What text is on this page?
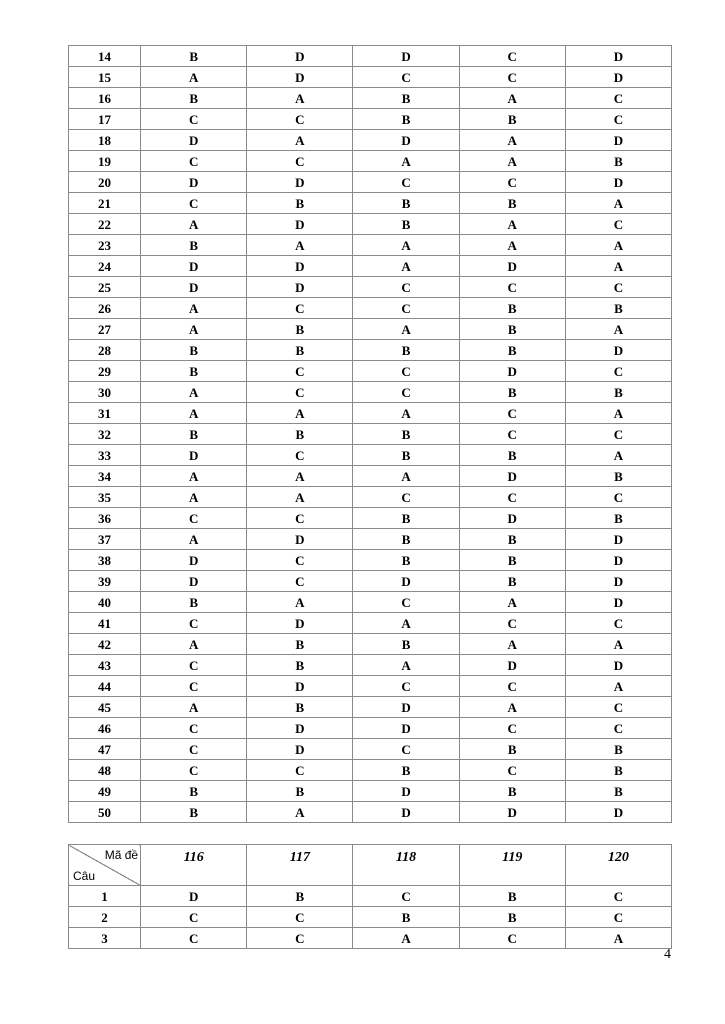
14	B	D	D	C	D
15	A	D	C	C	D
16	B	A	B	A	C
17	C	C	B	B	C
18	D	A	D	A	D
19	C	C	A	A	B
20	D	D	C	C	D
21	C	B	B	B	A
22	A	D	B	A	C
23	B	A	A	A	A
24	D	D	A	D	A
25	D	D	C	C	C
26	A	C	C	B	B
27	A	B	A	B	A
28	B	B	B	B	D
29	B	C	C	D	C
30	A	C	C	B	B
31	A	A	A	C	A
32	B	B	B	C	C
33	D	C	B	B	A
34	A	A	A	D	B
35	A	A	C	C	C
36	C	C	B	D	B
37	A	D	B	B	D
38	D	C	B	B	D
39	D	C	D	B	D
40	B	A	C	A	D
41	C	D	A	C	C
42	A	B	B	A	A
43	C	B	A	D	D
44	C	D	C	C	A
45	A	B	D	A	C
46	C	D	D	C	C
47	C	D	C	B	B
48	C	C	B	C	B
49	B	B	D	B	B
50	B	A	D	D	D
Mã đề
Câu	116	117	118	119	120
1	D	B	C	B	C
2	C	C	B	B	C
3	C	C	A	C	A
4
